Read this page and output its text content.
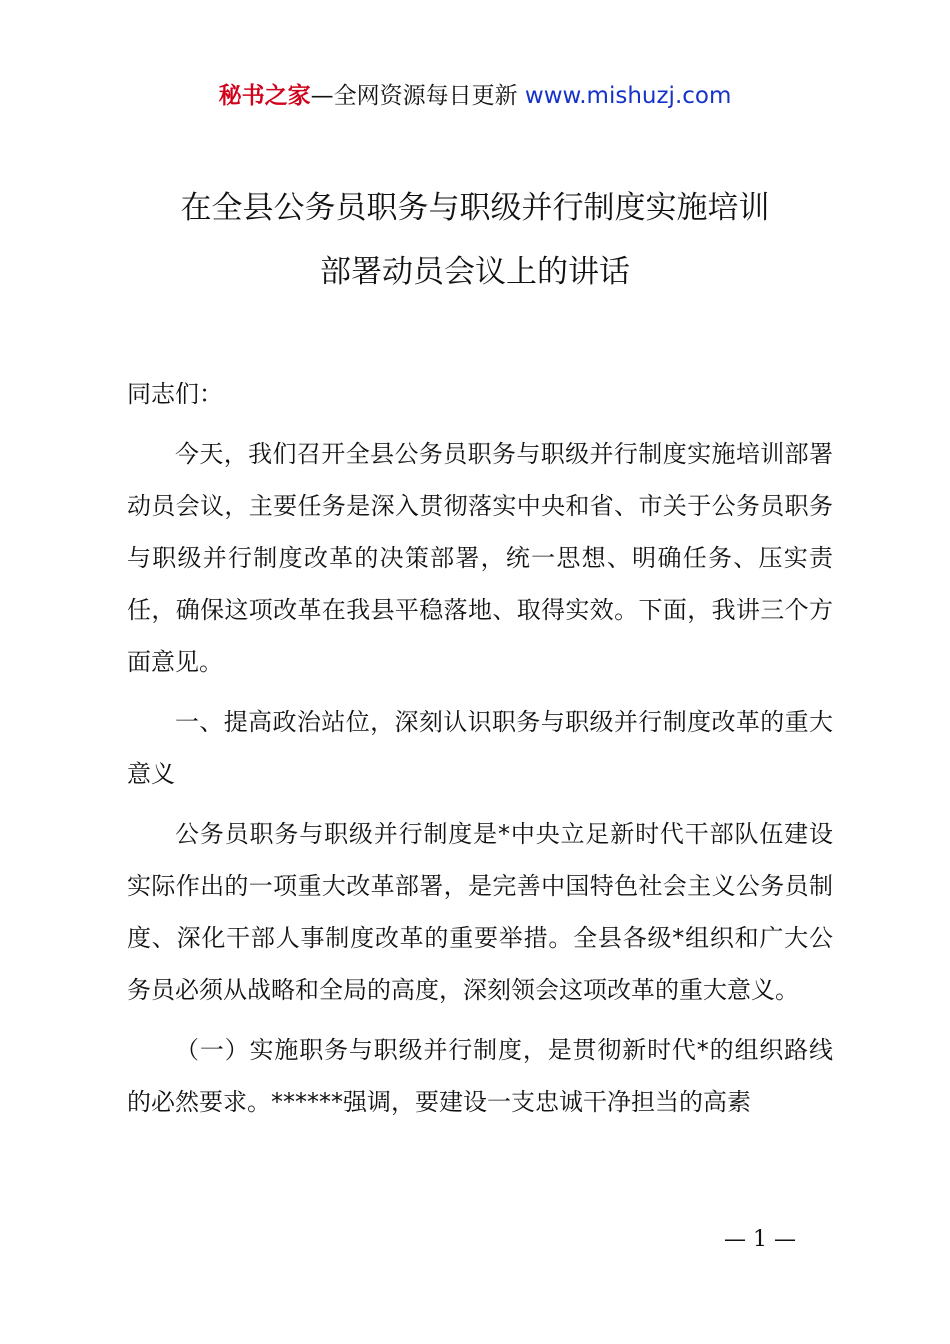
秘书之家—全网资源每日更新 www.mishuzj.com
在全县公务员职务与职级并行制度实施培训
部署动员会议上的讲话

同志们：

今天，我们召开全县公务员职务与职级并行制度实施培训部署动员会议，主要任务是深入贯彻落实中央和省、市关于公务员职务与职级并行制度改革的决策部署，统一思想、明确任务、压实责任，确保这项改革在我县平稳落地、取得实效。下面，我讲三个方面意见。

一、提高政治站位，深刻认识职务与职级并行制度改革的重大意义

公务员职务与职级并行制度是*中央立足新时代干部队伍建设实际作出的一项重大改革部署，是完善中国特色社会主义公务员制度、深化干部人事制度改革的重要举措。全县各级*组织和广大公务员必须从战略和全局的高度，深刻领会这项改革的重大意义。

（一）实施职务与职级并行制度，是贯彻新时代*的组织路线的必然要求。******强调，要建设一支忠诚干净担当的高素

— 1 —
